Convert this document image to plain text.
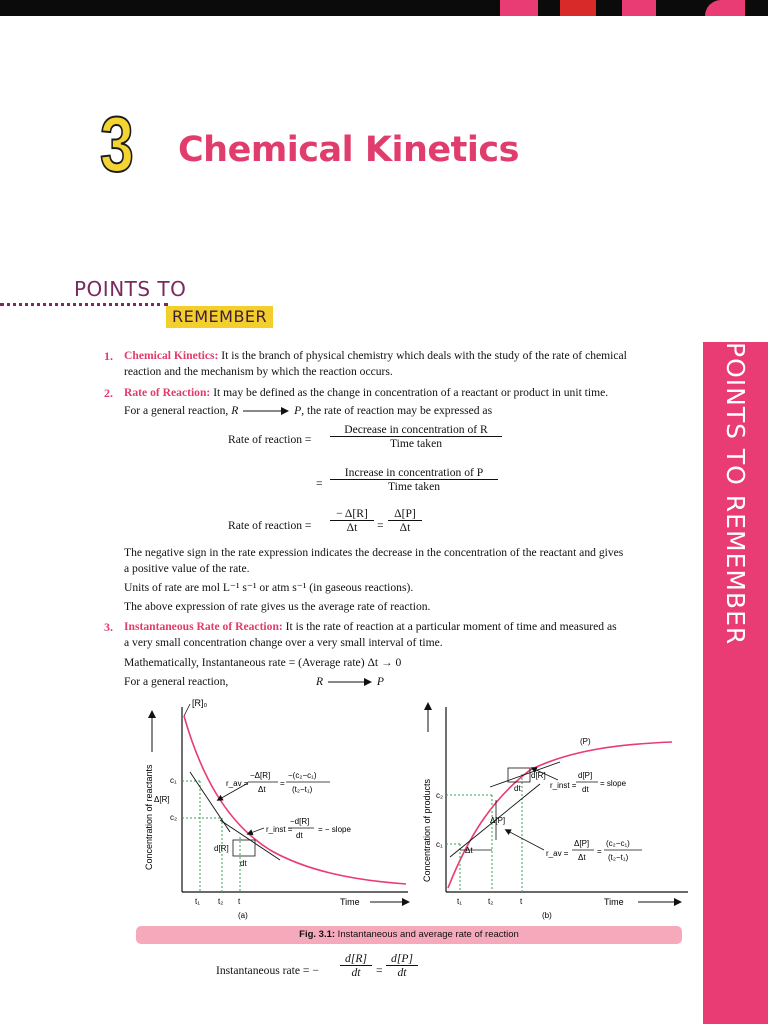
3 Chemical Kinetics
POINTS TO
REMEMBER
POINTS TO REMEMBER
1. Chemical Kinetics: It is the branch of physical chemistry which deals with the study of the rate of chemical
reaction and the mechanism by which the reaction occurs.
2. Rate of Reaction: It may be defined as the change in concentration of a reactant or product in unit time.
For a general reaction, R	P, the rate of reaction may be expressed as
Rate of reaction =
Decrease in concentration of R
Time taken
=
Increase in concentration of P
Time taken
Rate of reaction = $\frac{- \Delta[R]}{\Delta t} = \frac{\Delta[P]}{\Delta t}$
The negative sign in the rate expression indicates the decrease in the concentration of the reactant and gives
a positive value of the rate.
Units of rate are mol L⁻¹ s⁻¹ or atm s⁻¹ (in gaseous reactions).
The above expression of rate gives us the average rate of reaction.
3. Instantaneous Rate of Reaction: It is the rate of reaction at a particular moment of time and measured as
a very small concentration change over a very small interval of time.
Mathematically, Instantaneous rate = (Average rate) Δt → 0
For a general reaction,	R	P
Concentration of reactants
[R]₀
c₁
c₂
Δ[R]
d[R]
dt
t₁ t₂ t
(a)
Time
r_av =
−Δ[R]
Δt
=
−(c₂−c₁)
(t₂−t₁)
r_inst =
−d[R]
dt
= − slope	Concentration of products
(P)
c₁
c₂
d[R]
dt
Δ[P]
Δt
t₁	t₂	t
(b)
Time
r_inst =
d[P]
dt
= slope
r_av =
Δ[P]
Δt
=
(c₂−c₁)
(t₂−t₁)
Fig. 3.1: Instantaneous and average rate of reaction
Instantaneous rate = − $\frac{d[R]}{dt} = \frac{d[P]}{dt}$
